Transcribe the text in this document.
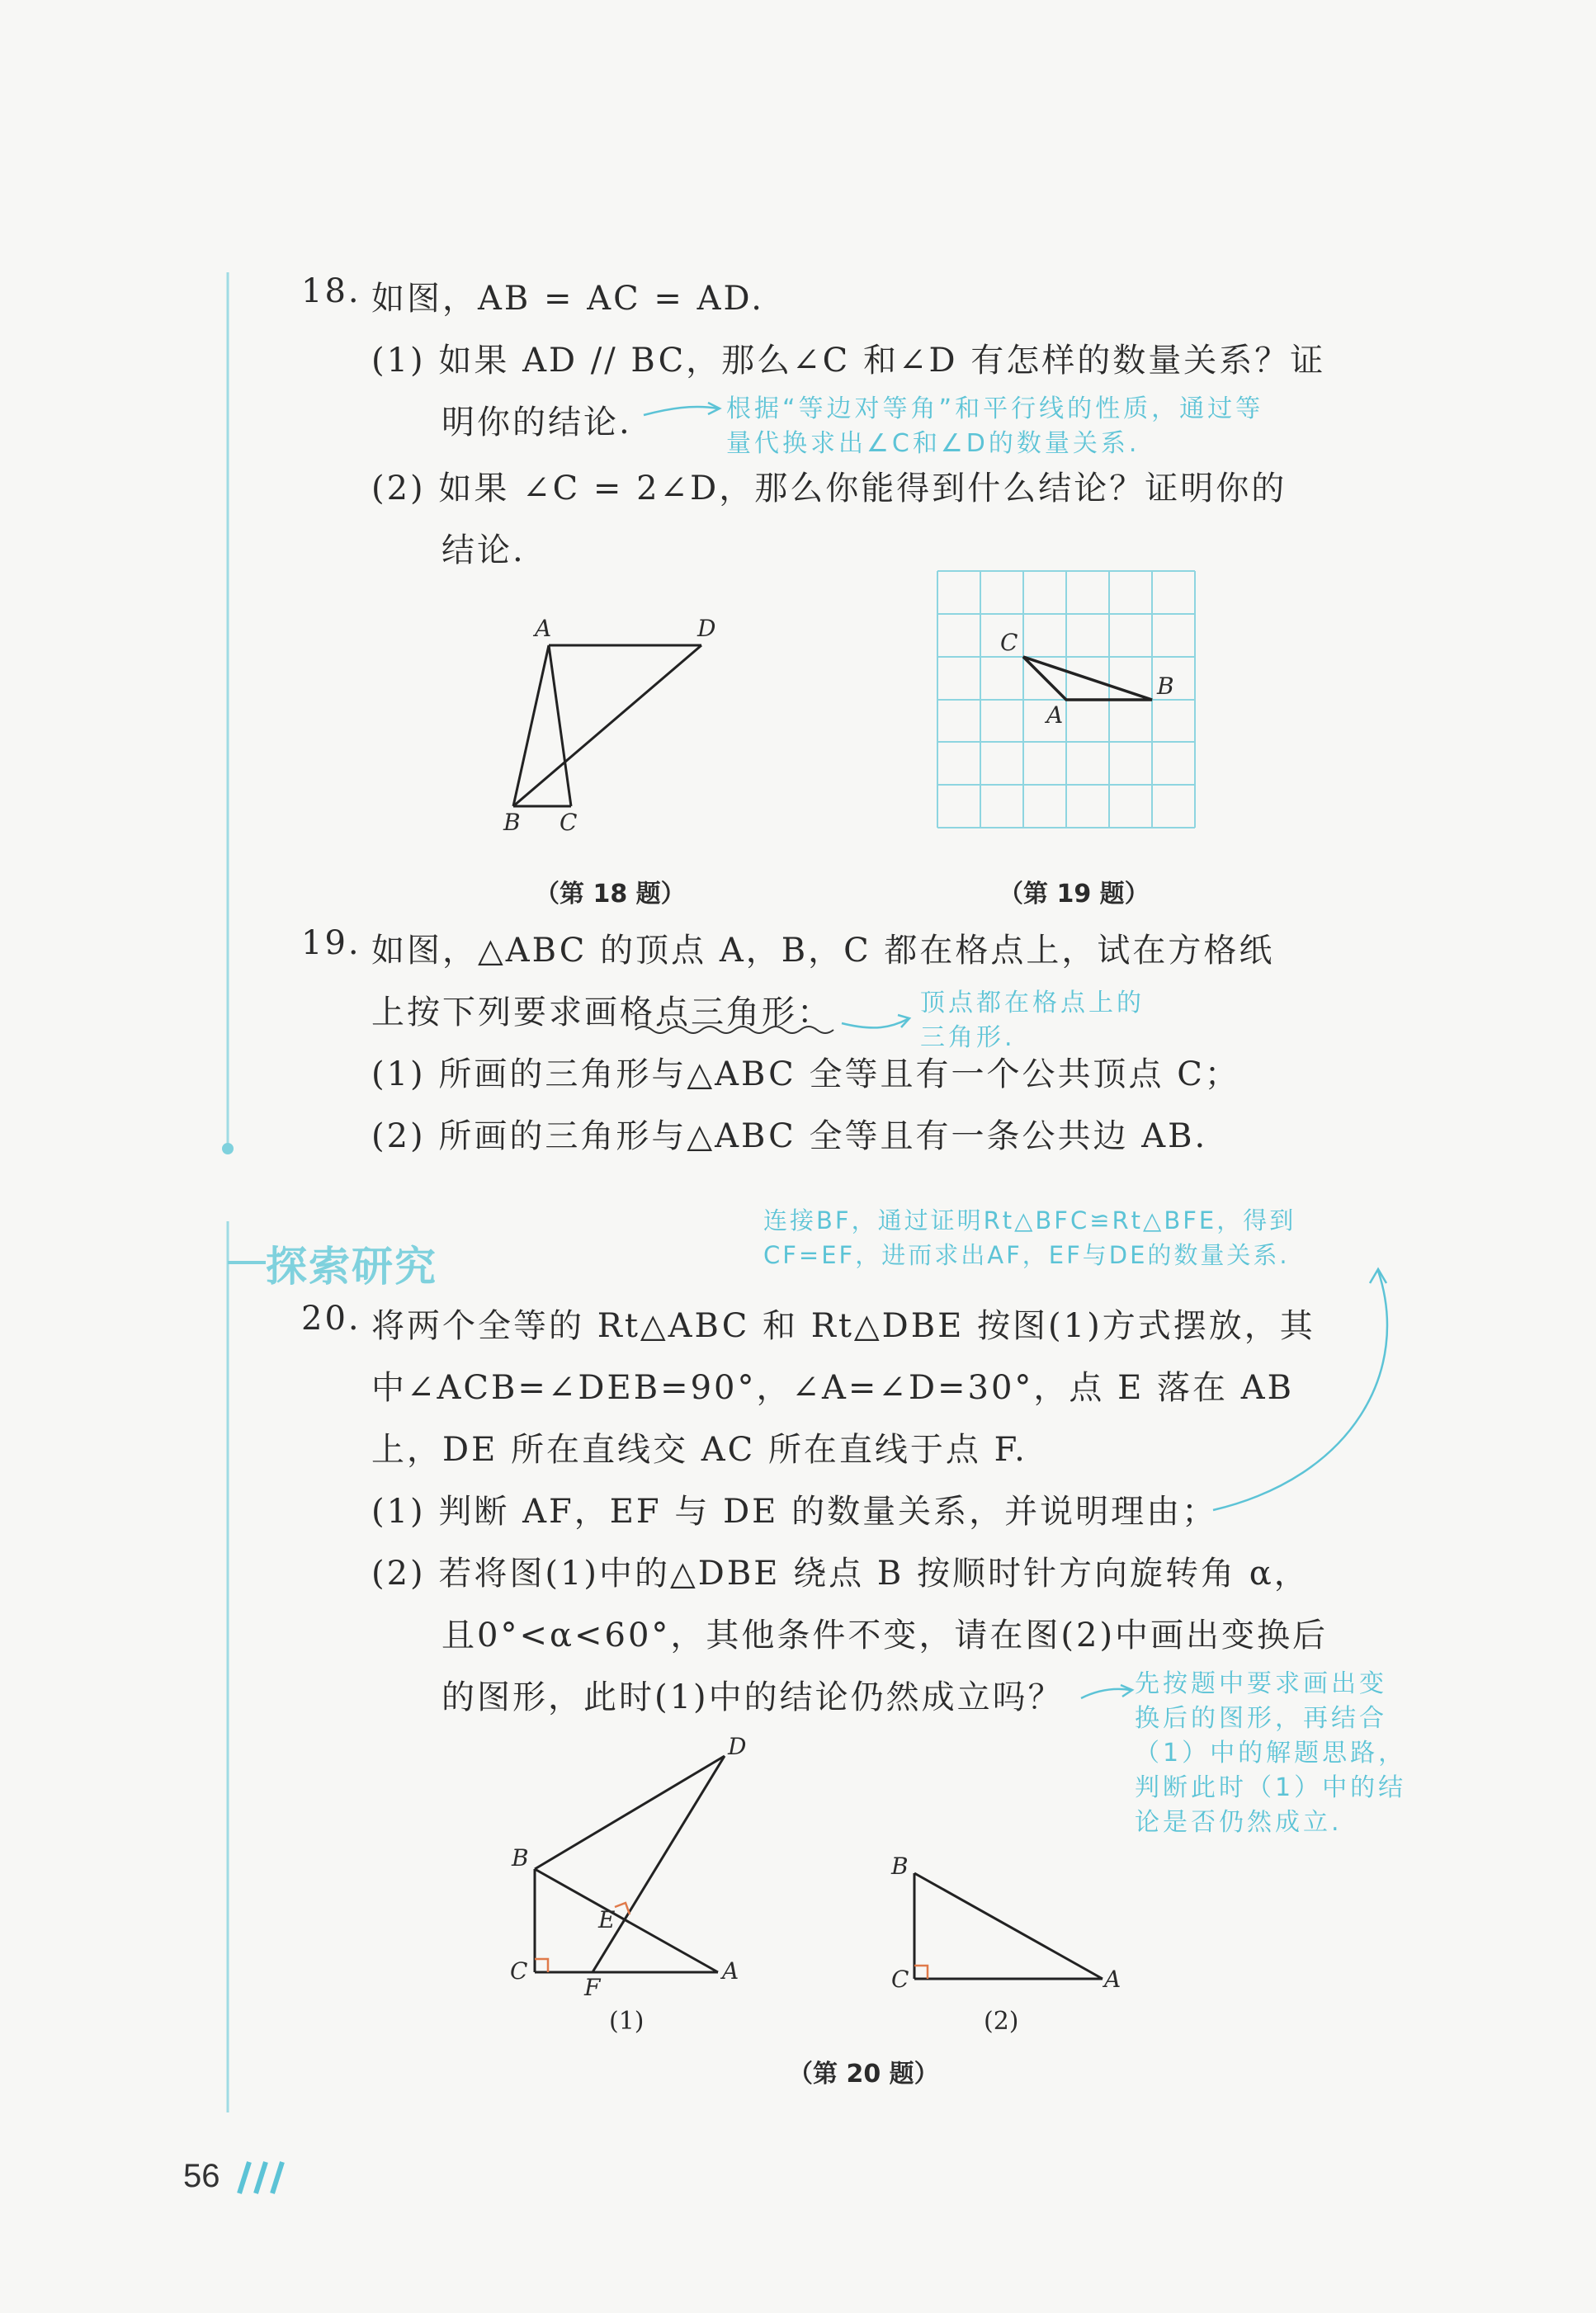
18. 如图，AB = AC = AD.
(1) 如果 AD // BC，那么∠C 和∠D 有怎样的数量关系？证
明你的结论.	根据“等边对等角”和平行线的性质，通过等
量代换求出∠C和∠D的数量关系.
(2) 如果 ∠C = 2∠D，那么你能得到什么结论？证明你的
结论.
A	D
B C
（第 18 题）
C
B
A
（第 19 题）
19. 如图，△ABC 的顶点 A，B，C 都在格点上，试在方格纸
上按下列要求画格点三角形：	顶点都在格点上的
三角形.
(1) 所画的三角形与△ABC 全等且有一个公共顶点 C；
(2) 所画的三角形与△ABC 全等且有一条公共边 AB.
探索研究
连接BF，通过证明Rt△BFC≌Rt△BFE，得到
CF=EF，进而求出AF，EF与DE的数量关系.
20. 将两个全等的 Rt△ABC 和 Rt△DBE 按图(1)方式摆放，其
中∠ACB=∠DEB=90°，∠A=∠D=30°，点 E 落在 AB
上，DE 所在直线交 AC 所在直线于点 F.
(1) 判断 AF，EF 与 DE 的数量关系，并说明理由；
(2) 若将图(1)中的△DBE 绕点 B 按顺时针方向旋转角 α，
且0°<α<60°，其他条件不变，请在图(2)中画出变换后
的图形，此时(1)中的结论仍然成立吗？	先按题中要求画出变
换后的图形，再结合
（1）中的解题思路，
判断此时（1）中的结
论是否仍然成立.
B
D
E
C
F
A
B
C	A
(1)	(2)
（第 20 题）
56
